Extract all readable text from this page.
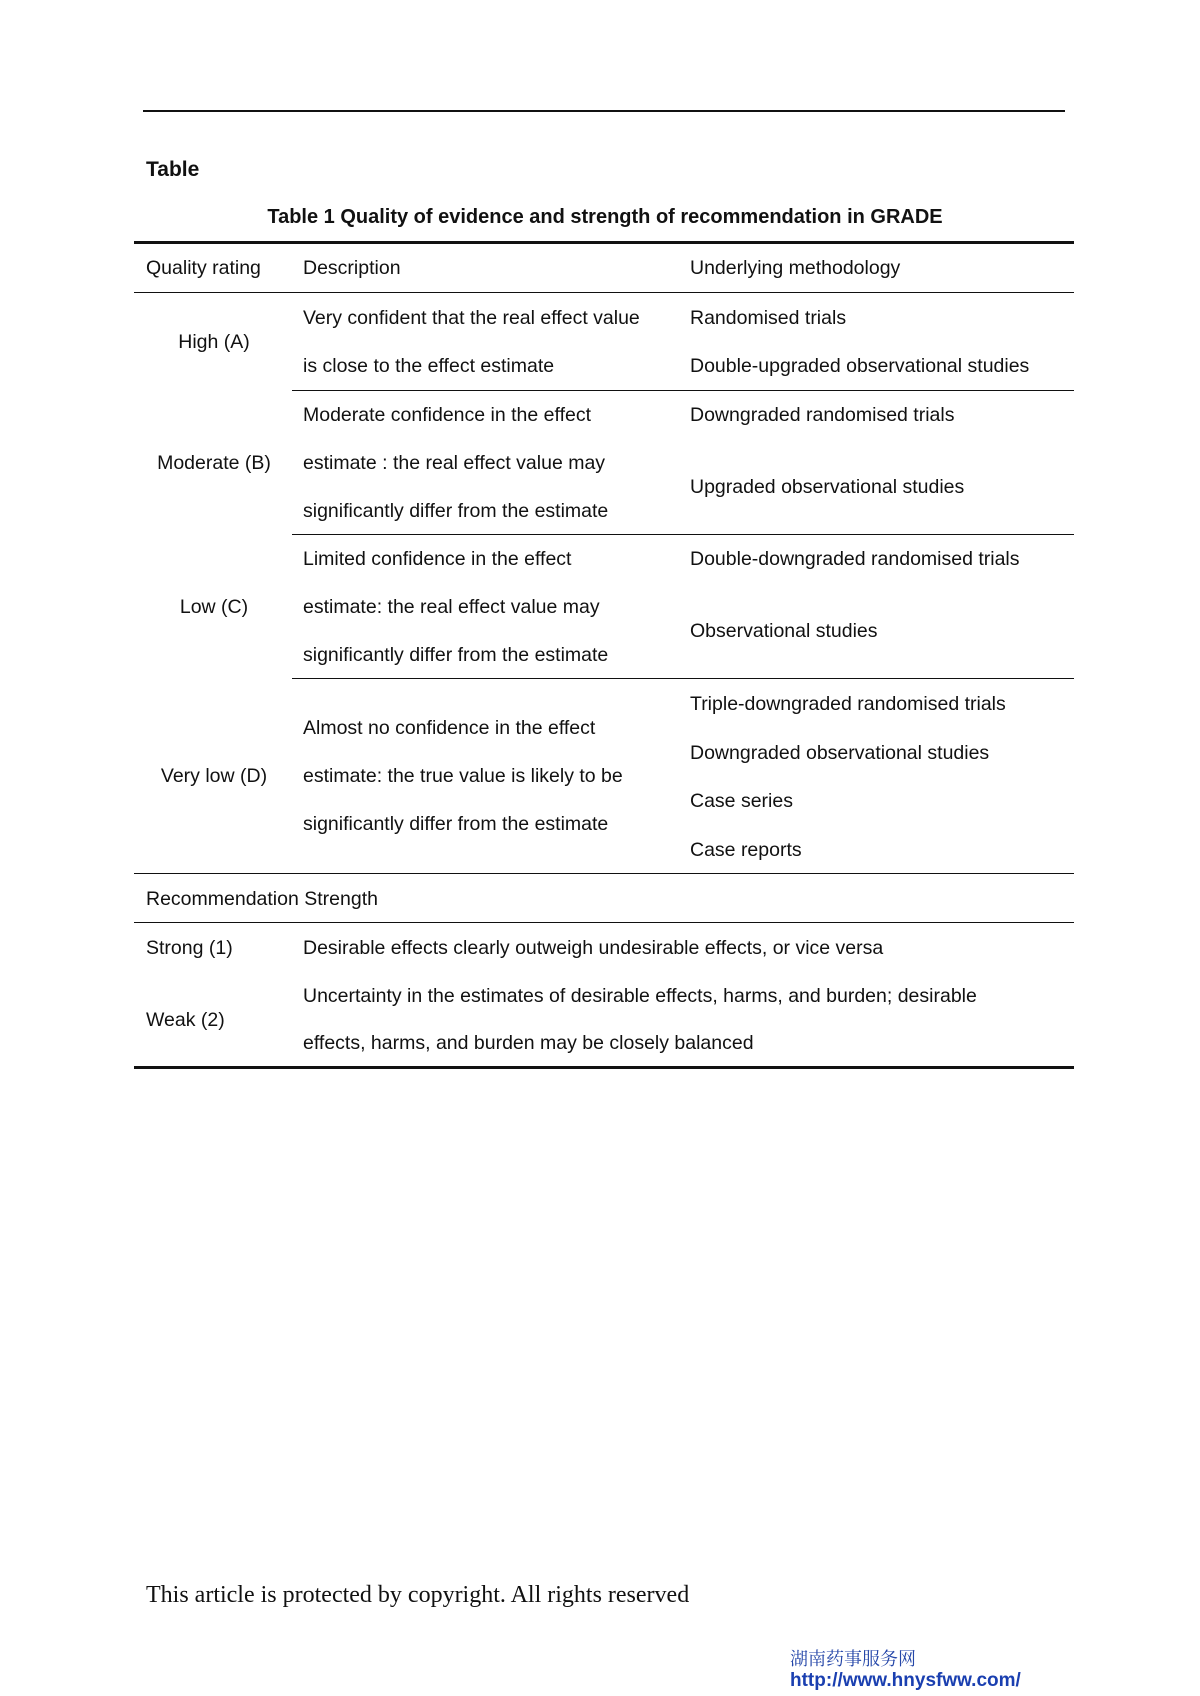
Table
Table 1 Quality of evidence and strength of recommendation in GRADE
Quality rating Description	Underlying methodology
High (A)
Very confident that the real effect value
is close to the effect estimate
Randomised trials
Double-upgraded observational studies
Moderate (B)
Moderate confidence in the effect
estimate : the real effect value may
significantly differ from the estimate
Downgraded randomised trials
Upgraded observational studies
Low (C)
Limited confidence in the effect
estimate: the real effect value may
significantly differ from the estimate
Double-downgraded randomised trials
Observational studies
Very low (D)
Almost no confidence in the effect
estimate: the true value is likely to be
significantly differ from the estimate
Triple-downgraded randomised trials
Downgraded observational studies
Case series
Case reports
Recommendation Strength
Strong (1)	Desirable effects clearly outweigh undesirable effects, or vice versa
Weak (2)
Uncertainty in the estimates of desirable effects, harms, and burden; desirable
effects, harms, and burden may be closely balanced
This article is protected by copyright. All rights reserved
湖南药事服务网
http://www.hnysfww.com/
